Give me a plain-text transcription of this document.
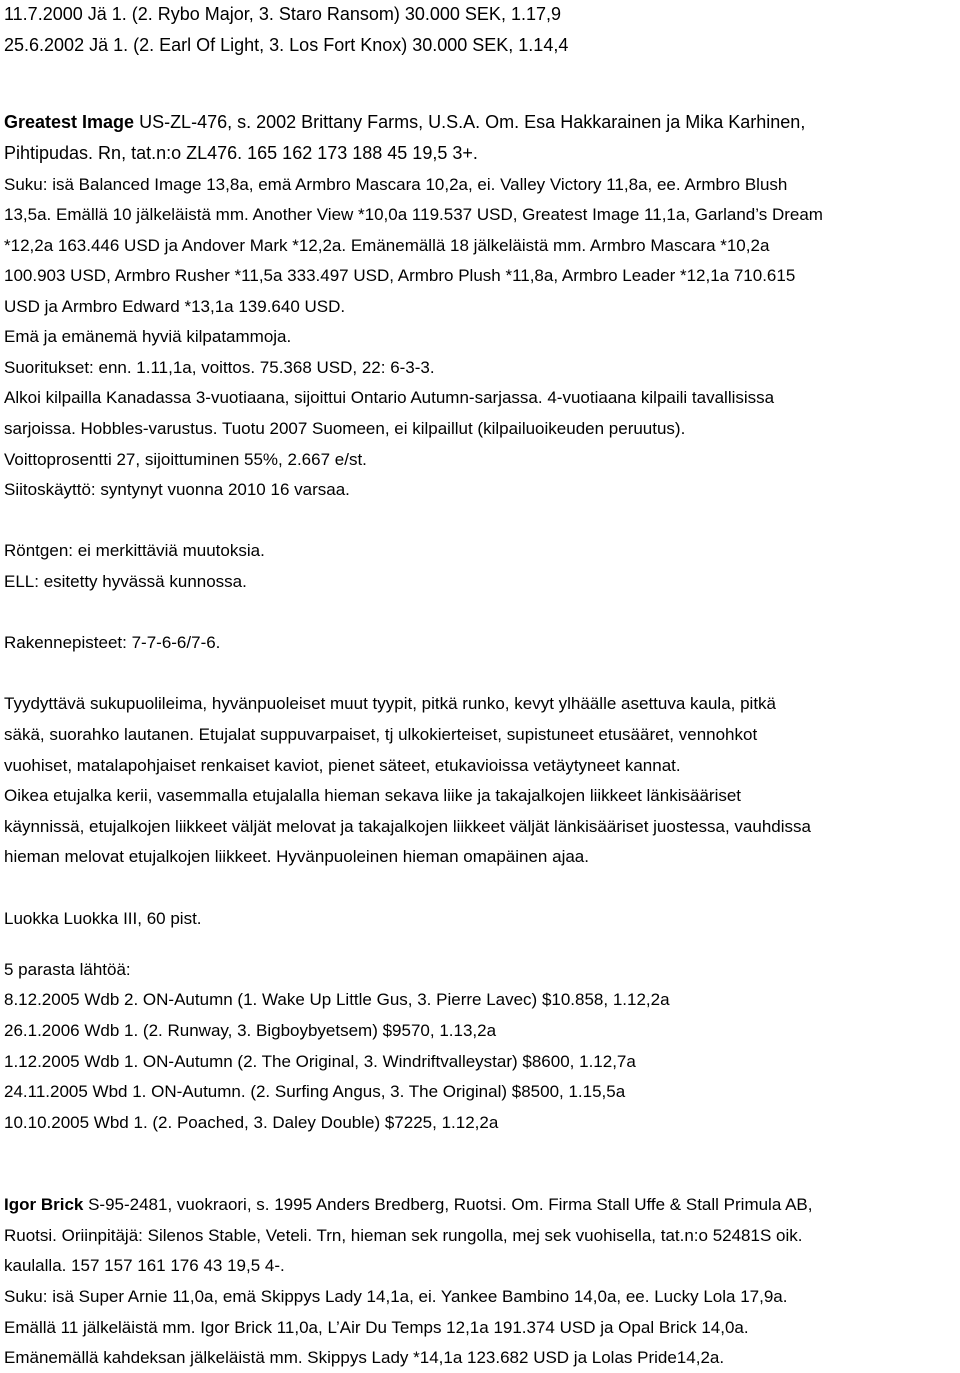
11.7.2000 Jä 1. (2. Rybo Major, 3. Staro Ransom) 30.000 SEK, 1.17,9
25.6.2002 Jä 1. (2. Earl Of Light, 3. Los Fort Knox) 30.000 SEK, 1.14,4
Greatest Image US-ZL-476, s. 2002 Brittany Farms, U.S.A. Om. Esa Hakkarainen ja Mika Karhinen,
Pihtipudas. Rn, tat.n:o ZL476. 165 162 173 188 45 19,5 3+.
Suku: isä Balanced Image 13,8a, emä Armbro Mascara 10,2a, ei. Valley Victory 11,8a, ee. Armbro Blush
13,5a. Emällä 10 jälkeläistä mm. Another View *10,0a 119.537 USD, Greatest Image 11,1a, Garland’s Dream
*12,2a 163.446 USD ja Andover Mark *12,2a. Emänemällä 18 jälkeläistä mm. Armbro Mascara *10,2a
100.903 USD, Armbro Rusher *11,5a 333.497 USD, Armbro Plush *11,8a, Armbro Leader *12,1a 710.615
USD ja Armbro Edward *13,1a 139.640 USD.
Emä ja emänemä hyviä kilpatammoja.
Suoritukset: enn. 1.11,1a, voittos. 75.368 USD, 22: 6-3-3.
Alkoi kilpailla Kanadassa 3-vuotiaana, sijoittui Ontario Autumn-sarjassa. 4-vuotiaana kilpaili tavallisissa
sarjoissa. Hobbles-varustus. Tuotu 2007 Suomeen, ei kilpaillut (kilpailuoikeuden peruutus).
Voittoprosentti 27, sijoittuminen 55%, 2.667 e/st.
Siitoskäyttö: syntynyt vuonna 2010 16 varsaa.
Röntgen: ei merkittäviä muutoksia.
ELL: esitetty hyvässä kunnossa.
Rakennepisteet: 7-7-6-6/7-6.
Tyydyttävä sukupuolileima, hyvänpuoleiset muut tyypit, pitkä runko, kevyt ylhäälle asettuva kaula, pitkä
säkä, suorahko lautanen. Etujalat suppuvarpaiset, tj ulkokierteiset, supistuneet etusääret, vennohkot
vuohiset, matalapohjaiset renkaiset kaviot, pienet säteet, etukavioissa vetäytyneet kannat.
Oikea etujalka kerii, vasemmalla etujalalla hieman sekava liike ja takajalkojen liikkeet länkisääriset
käynnissä, etujalkojen liikkeet väljät melovat ja takajalkojen liikkeet väljät länkisääriset juostessa, vauhdissa
hieman melovat etujalkojen liikkeet. Hyvänpuoleinen hieman omapäinen ajaa.
Luokka Luokka III, 60 pist.
5 parasta lähtöä:
8.12.2005 Wdb 2. ON-Autumn (1. Wake Up Little Gus, 3. Pierre Lavec) $10.858, 1.12,2a
26.1.2006 Wdb 1. (2. Runway, 3. Bigboybyetsem) $9570, 1.13,2a
1.12.2005 Wdb 1. ON-Autumn (2. The Original, 3. Windriftvalleystar) $8600, 1.12,7a
24.11.2005 Wbd 1. ON-Autumn. (2. Surfing Angus, 3. The Original) $8500, 1.15,5a
10.10.2005 Wbd 1. (2. Poached, 3. Daley Double) $7225, 1.12,2a
Igor Brick S-95-2481, vuokraori, s. 1995 Anders Bredberg, Ruotsi. Om. Firma Stall Uffe & Stall Primula AB,
Ruotsi. Oriinpitäjä: Silenos Stable, Veteli. Trn, hieman sek rungolla, mej sek vuohisella, tat.n:o 52481S oik.
kaulalla. 157 157 161 176 43 19,5 4-.
Suku: isä Super Arnie 11,0a, emä Skippys Lady 14,1a, ei. Yankee Bambino 14,0a, ee. Lucky Lola 17,9a.
Emällä 11 jälkeläistä mm. Igor Brick 11,0a, L’Air Du Temps 12,1a 191.374 USD ja Opal Brick 14,0a.
Emänemällä kahdeksan jälkeläistä mm. Skippys Lady *14,1a 123.682 USD ja Lolas Pride14,2a.
